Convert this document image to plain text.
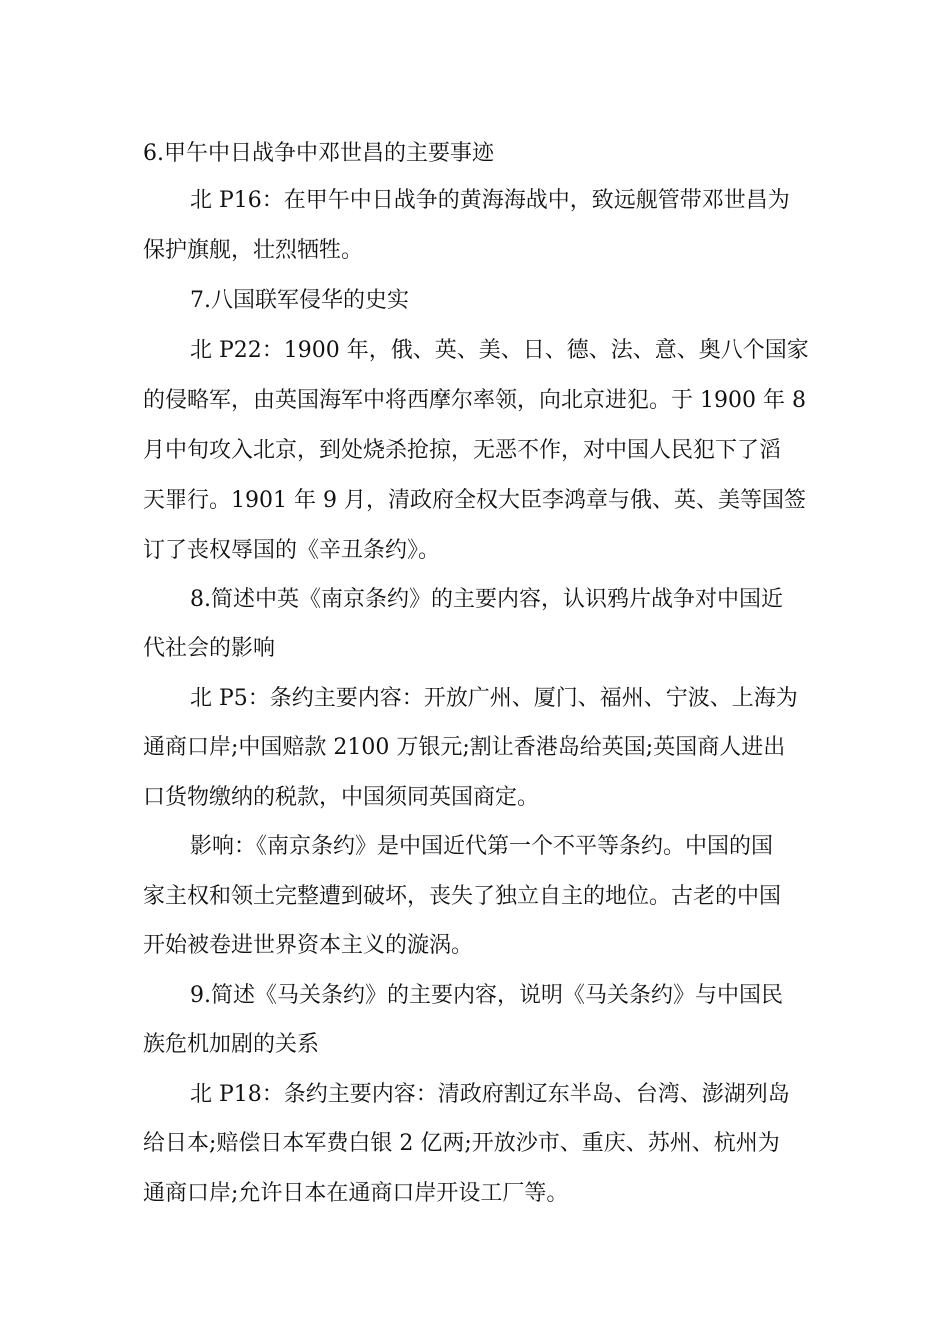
6.甲午中日战争中邓世昌的主要事迹
北 P16：在甲午中日战争的黄海海战中，致远舰管带邓世昌为
保护旗舰，壮烈牺牲。
7.八国联军侵华的史实
北 P22：1900 年，俄、英、美、日、德、法、意、奥八个国家
的侵略军，由英国海军中将西摩尔率领，向北京进犯。于 1900 年 8
月中旬攻入北京，到处烧杀抢掠，无恶不作，对中国人民犯下了滔
天罪行。1901 年 9 月，清政府全权大臣李鸿章与俄、英、美等国签
订了丧权辱国的《辛丑条约》。
8.简述中英《南京条约》的主要内容，认识鸦片战争对中国近
代社会的影响
北 P5：条约主要内容：开放广州、厦门、福州、宁波、上海为
通商口岸;中国赔款 2100 万银元;割让香港岛给英国;英国商人进出
口货物缴纳的税款，中国须同英国商定。
影响：《南京条约》是中国近代第一个不平等条约。中国的国
家主权和领土完整遭到破坏，丧失了独立自主的地位。古老的中国
开始被卷进世界资本主义的漩涡。
9.简述《马关条约》的主要内容，说明《马关条约》与中国民
族危机加剧的关系
北 P18：条约主要内容：清政府割辽东半岛、台湾、澎湖列岛
给日本;赔偿日本军费白银 2 亿两;开放沙市、重庆、苏州、杭州为
通商口岸;允许日本在通商口岸开设工厂等。
